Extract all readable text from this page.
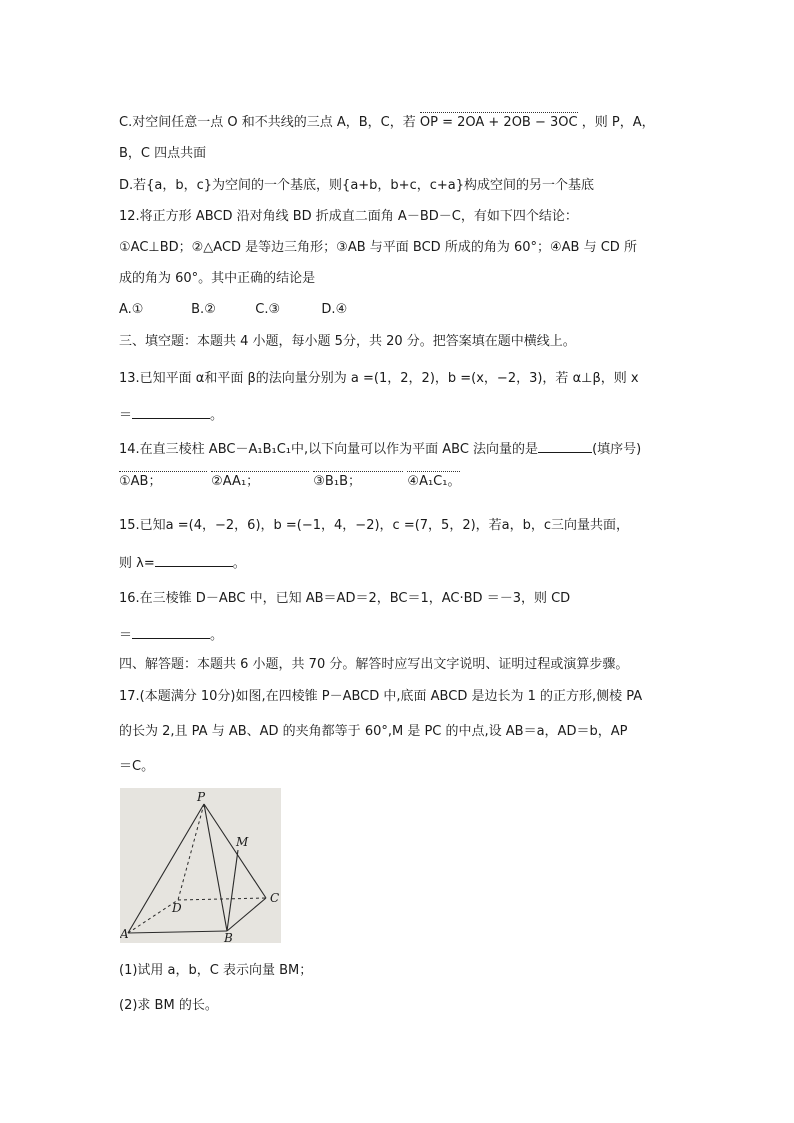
C.对空间任意一点 O 和不共线的三点 A，B，C，若 OP = 2OA + 2OB − 3OC ，则 P，A，
B，C 四点共面
D.若{a，b，c}为空间的一个基底，则{a+b，b+c，c+a}构成空间的另一个基底
12.将正方形 ABCD 沿对角线 BD 折成直二面角 A－BD－C，有如下四个结论：
①AC⊥BD；②△ACD 是等边三角形；③AB 与平面 BCD 所成的角为 60°；④AB 与 CD 所
成的角为 60°。其中正确的结论是
A.①	B.②	C.③	D.④
三、填空题：本题共 4 小题，每小题 5分，共 20 分。把答案填在题中横线上。
13.已知平面 α和平面 β的法向量分别为 a =(1，2，2)，b =(x，−2，3)，若 α⊥β，则 x
＝	。
14.在直三棱柱 ABC－A₁B₁C₁中,以下向量可以作为平面 ABC 法向量的是	(填序号)
①AB；	②AA₁；	③B₁B；	④A₁C₁。
15.已知a =(4，−2，6)，b =(−1，4，−2)，c =(7，5，2)，若a，b，c三向量共面，
则 λ=	。
16.在三棱锥 D－ABC 中，已知 AB＝AD＝2，BC＝1，AC·BD ＝－3，则 CD
＝	。
四、解答题：本题共 6 小题，共 70 分。解答时应写出文字说明、证明过程或演算步骤。
17.(本题满分 10分)如图,在四棱锥 P－ABCD 中,底面 ABCD 是边长为 1 的正方形,侧棱 PA
的长为 2,且 PA 与 AB、AD 的夹角都等于 60°,M 是 PC 的中点,设 AB＝a，AD＝b，AP
＝C。
P
M
C
D
A	B
(1)试用 a，b，C 表示向量 BM；
(2)求 BM 的长。
